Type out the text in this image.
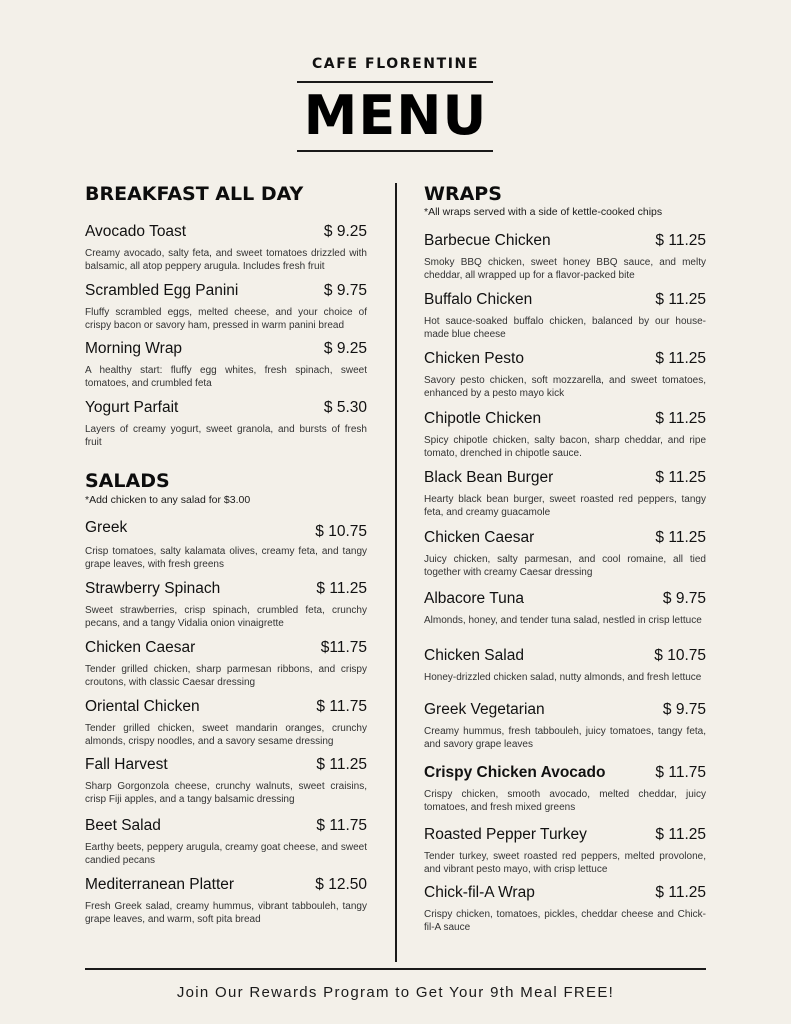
CAFE FLORENTINE
MENU
BREAKFAST ALL DAY
Avocado Toast	$ 9.25
Creamy avocado, salty feta, and sweet tomatoes drizzled with balsamic, all atop peppery arugula. Includes fresh fruit
Scrambled Egg Panini	$ 9.75
Fluffy scrambled eggs, melted cheese, and your choice of crispy bacon or savory ham, pressed in warm panini bread
Morning Wrap	$ 9.25
A healthy start: fluffy egg whites, fresh spinach, sweet tomatoes, and crumbled feta
Yogurt Parfait	$ 5.30
Layers of creamy yogurt, sweet granola, and bursts of fresh fruit
SALADS
*Add chicken to any salad for $3.00
Greek	$ 10.75
Crisp tomatoes, salty kalamata olives, creamy feta, and tangy grape leaves, with fresh greens
Strawberry Spinach	$ 11.25
Sweet strawberries, crisp spinach, crumbled feta, crunchy pecans, and a tangy Vidalia onion vinaigrette
Chicken Caesar	$11.75
Tender grilled chicken, sharp parmesan ribbons, and crispy croutons, with classic Caesar dressing
Oriental Chicken	$ 11.75
Tender grilled chicken, sweet mandarin oranges, crunchy almonds, crispy noodles, and a savory sesame dressing
Fall Harvest	$ 11.25
Sharp Gorgonzola cheese, crunchy walnuts, sweet craisins, crisp Fiji apples, and a tangy balsamic dressing
Beet Salad	$ 11.75
Earthy beets, peppery arugula, creamy goat cheese, and sweet candied pecans
Mediterranean Platter	$ 12.50
Fresh Greek salad, creamy hummus, vibrant tabbouleh, tangy grape leaves, and warm, soft pita bread
WRAPS
*All wraps served with a side of kettle-cooked chips
Barbecue Chicken	$ 11.25
Smoky BBQ chicken, sweet honey BBQ sauce, and melty cheddar, all wrapped up for a flavor-packed bite
Buffalo Chicken	$ 11.25
Hot sauce-soaked buffalo chicken, balanced by our house-made blue cheese
Chicken Pesto	$ 11.25
Savory pesto chicken, soft mozzarella, and sweet tomatoes, enhanced by a pesto mayo kick
Chipotle Chicken	$ 11.25
Spicy chipotle chicken, salty bacon, sharp cheddar, and ripe tomato, drenched in chipotle sauce.
Black Bean Burger	$ 11.25
Hearty black bean burger, sweet roasted red peppers, tangy feta, and creamy guacamole
Chicken Caesar	$ 11.25
Juicy chicken, salty parmesan, and cool romaine, all tied together with creamy Caesar dressing
Albacore Tuna	$ 9.75
Almonds, honey, and tender tuna salad, nestled in crisp lettuce
Chicken Salad	$ 10.75
Honey-drizzled chicken salad, nutty almonds, and fresh lettuce
Greek Vegetarian	$ 9.75
Creamy hummus, fresh tabbouleh, juicy tomatoes, tangy feta, and savory grape leaves
Crispy Chicken Avocado	$ 11.75
Crispy chicken, smooth avocado, melted cheddar, juicy tomatoes, and fresh mixed greens
Roasted Pepper Turkey	$ 11.25
Tender turkey, sweet roasted red peppers, melted provolone, and vibrant pesto mayo, with crisp lettuce
Chick-fil-A Wrap	$ 11.25
Crispy chicken, tomatoes, pickles, cheddar cheese and Chick-fil-A sauce
Join Our Rewards Program to Get Your 9th Meal FREE!
